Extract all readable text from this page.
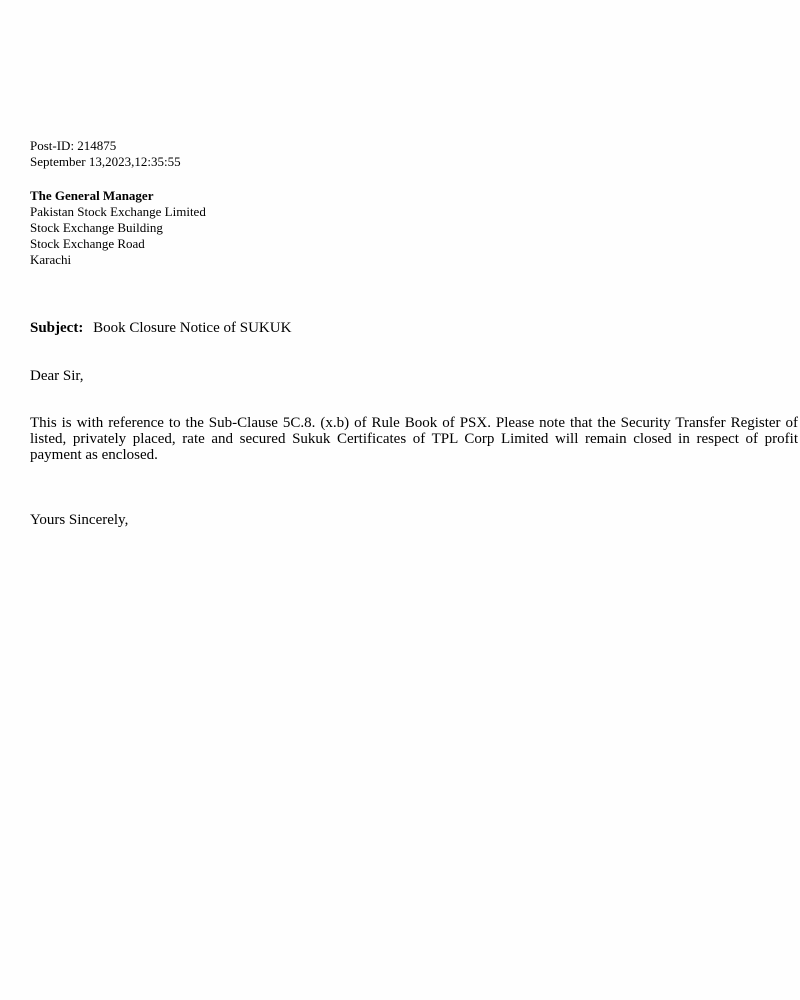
Post-ID: 214875
September 13,2023,12:35:55
The General Manager
Pakistan Stock Exchange Limited
Stock Exchange Building
Stock Exchange Road
Karachi
Subject: Book Closure Notice of SUKUK
Dear Sir,
This is with reference to the Sub-Clause 5C.8. (x.b) of Rule Book of PSX. Please note that the Security Transfer Register of listed, privately placed, rate and secured Sukuk Certificates of TPL Corp Limited will remain closed in respect of profit payment as enclosed.
Yours Sincerely,
